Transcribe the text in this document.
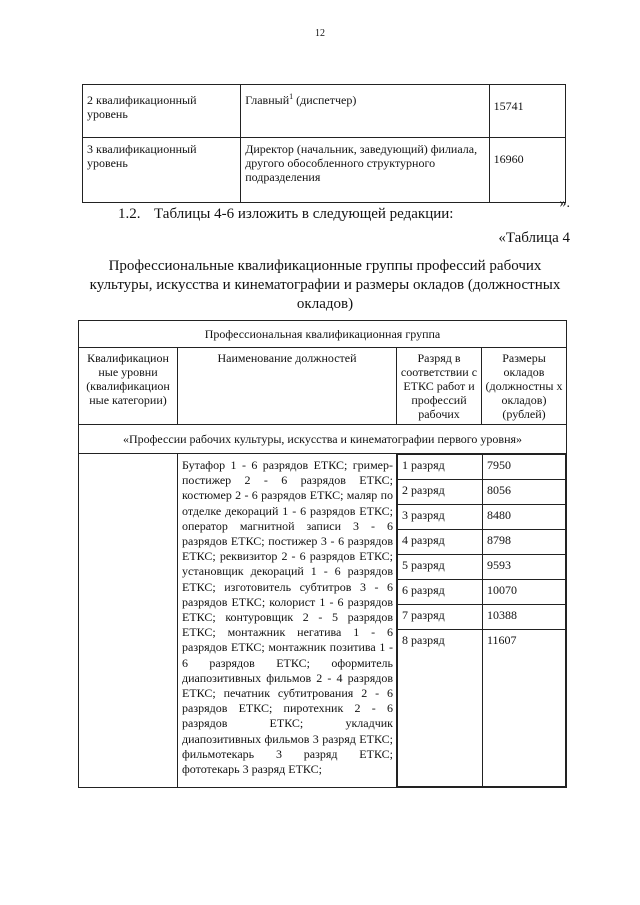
12
2 квалификационный уровень	Главный$^1$ (диспетчер)	15741
3 квалификационный уровень	Директор (начальник, заведующий) филиала, другого обособленного структурного подразделения	16960
».
1.2. Таблицы 4-6 изложить в следующей редакции:
«Таблица 4
Профессиональные квалификационные группы профессий рабочих культуры, искусства и кинематографии и размеры окладов (должностных окладов)
Профессиональная квалификационная группа
Квалификацион ные уровни (квалификацион ные категории)	Наименование должностей	Разряд в соответствии с ЕТКС работ и профессий рабочих	Размеры окладов (должностны х окладов) (рублей)
«Профессии рабочих культуры, искусства и кинематографии первого уровня»
	Бутафор 1 - 6 разрядов ЕТКС; гример-постижер 2 - 6 разрядов ЕТКС; костюмер 2 - 6 разрядов ЕТКС; маляр по отделке декораций 1 - 6 разрядов ЕТКС; оператор магнитной записи 3 - 6 разрядов ЕТКС; постижер 3 - 6 разрядов ЕТКС; реквизитор 2 - 6 разрядов ЕТКС; установщик декораций 1 - 6 разрядов ЕТКС; изготовитель субтитров 3 - 6 разрядов ЕТКС; колорист 1 - 6 разрядов ЕТКС; контуровщик 2 - 5 разрядов ЕТКС; монтажник негатива 1 - 6 разрядов ЕТКС; монтажник позитива 1 - 6 разрядов ЕТКС; оформитель диапозитивных фильмов 2 - 4 разрядов ЕТКС; печатник субтитрования 2 - 6 разрядов ЕТКС; пиротехник 2 - 6 разрядов ЕТКС; укладчик диапозитивных фильмов 3 разряд ЕТКС; фильмотекарь 3 разряд ЕТКС; фототекарь 3 разряд ЕТКС;	
1 разряд	7950
2 разряд	8056
3 разряд	8480
4 разряд	8798
5 разряд	9593
6 разряд	10070
7 разряд	10388
8 разряд	11607
